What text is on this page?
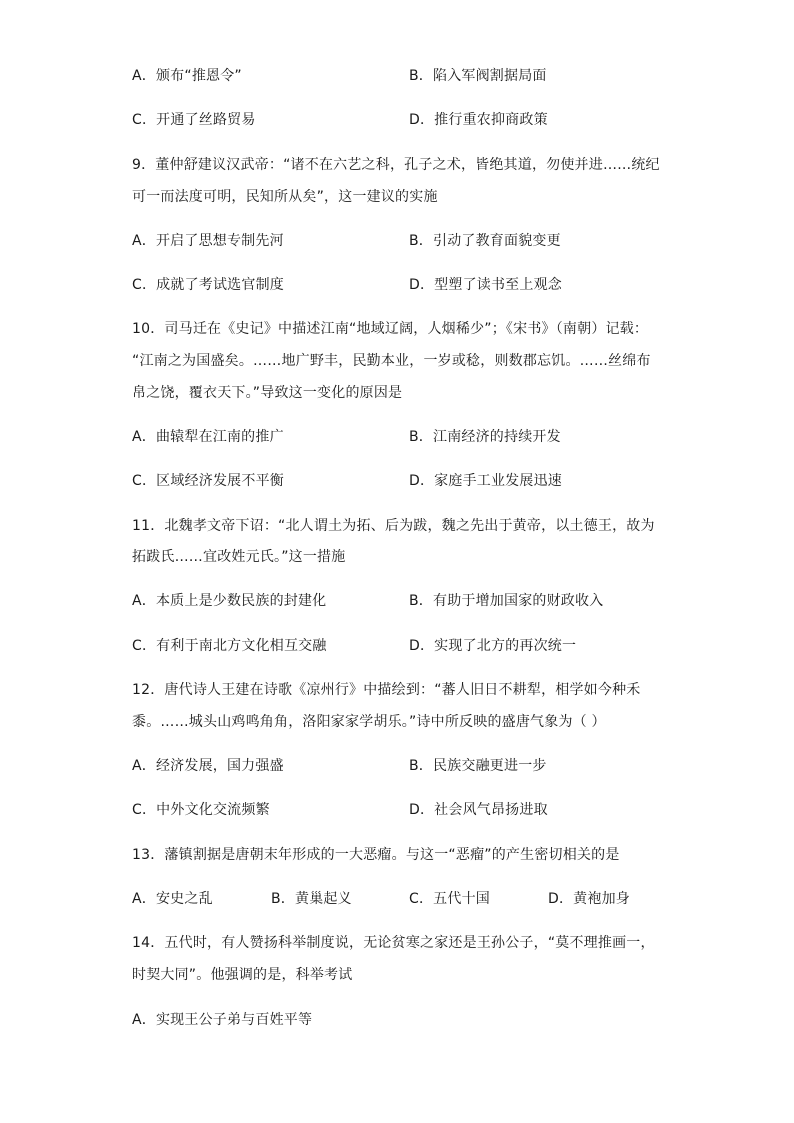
A．颁布“推恩令”	B．陷入军阀割据局面
C．开通了丝路贸易	D．推行重农抑商政策
9．董仲舒建议汉武帝：“诸不在六艺之科，孔子之术，皆绝其道，勿使并进……统纪
可一而法度可明，民知所从矣”，这一建议的实施
A．开启了思想专制先河	B．引动了教育面貌变更
C．成就了考试选官制度	D．型塑了读书至上观念
10．司马迁在《史记》中描述江南“地域辽阔，人烟稀少”；《宋书》（南朝）记载：
“江南之为国盛矣。……地广野丰，民勤本业，一岁或稔，则数郡忘饥。……丝绵布
帛之饶，覆衣天下。”导致这一变化的原因是
A．曲辕犁在江南的推广	B．江南经济的持续开发
C．区域经济发展不平衡	D．家庭手工业发展迅速
11．北魏孝文帝下诏：“北人谓土为拓、后为跋，魏之先出于黄帝，以土德王，故为
拓跋氏……宜改姓元氏。”这一措施
A．本质上是少数民族的封建化	B．有助于增加国家的财政收入
C．有利于南北方文化相互交融	D．实现了北方的再次统一
12．唐代诗人王建在诗歌《凉州行》中描绘到：“蕃人旧日不耕犁，相学如今种禾
黍。……城头山鸡鸣角角，洛阳家家学胡乐。”诗中所反映的盛唐气象为（ ）
A．经济发展，国力强盛	B．民族交融更进一步
C．中外文化交流频繁	D．社会风气昂扬进取
13．藩镇割据是唐朝末年形成的一大恶瘤。与这一“恶瘤”的产生密切相关的是
A．安史之乱	B．黄巢起义	C．五代十国	D．黄袍加身
14．五代时，有人赞扬科举制度说，无论贫寒之家还是王孙公子，“莫不理推画一，
时契大同”。他强调的是，科举考试
A．实现王公子弟与百姓平等
